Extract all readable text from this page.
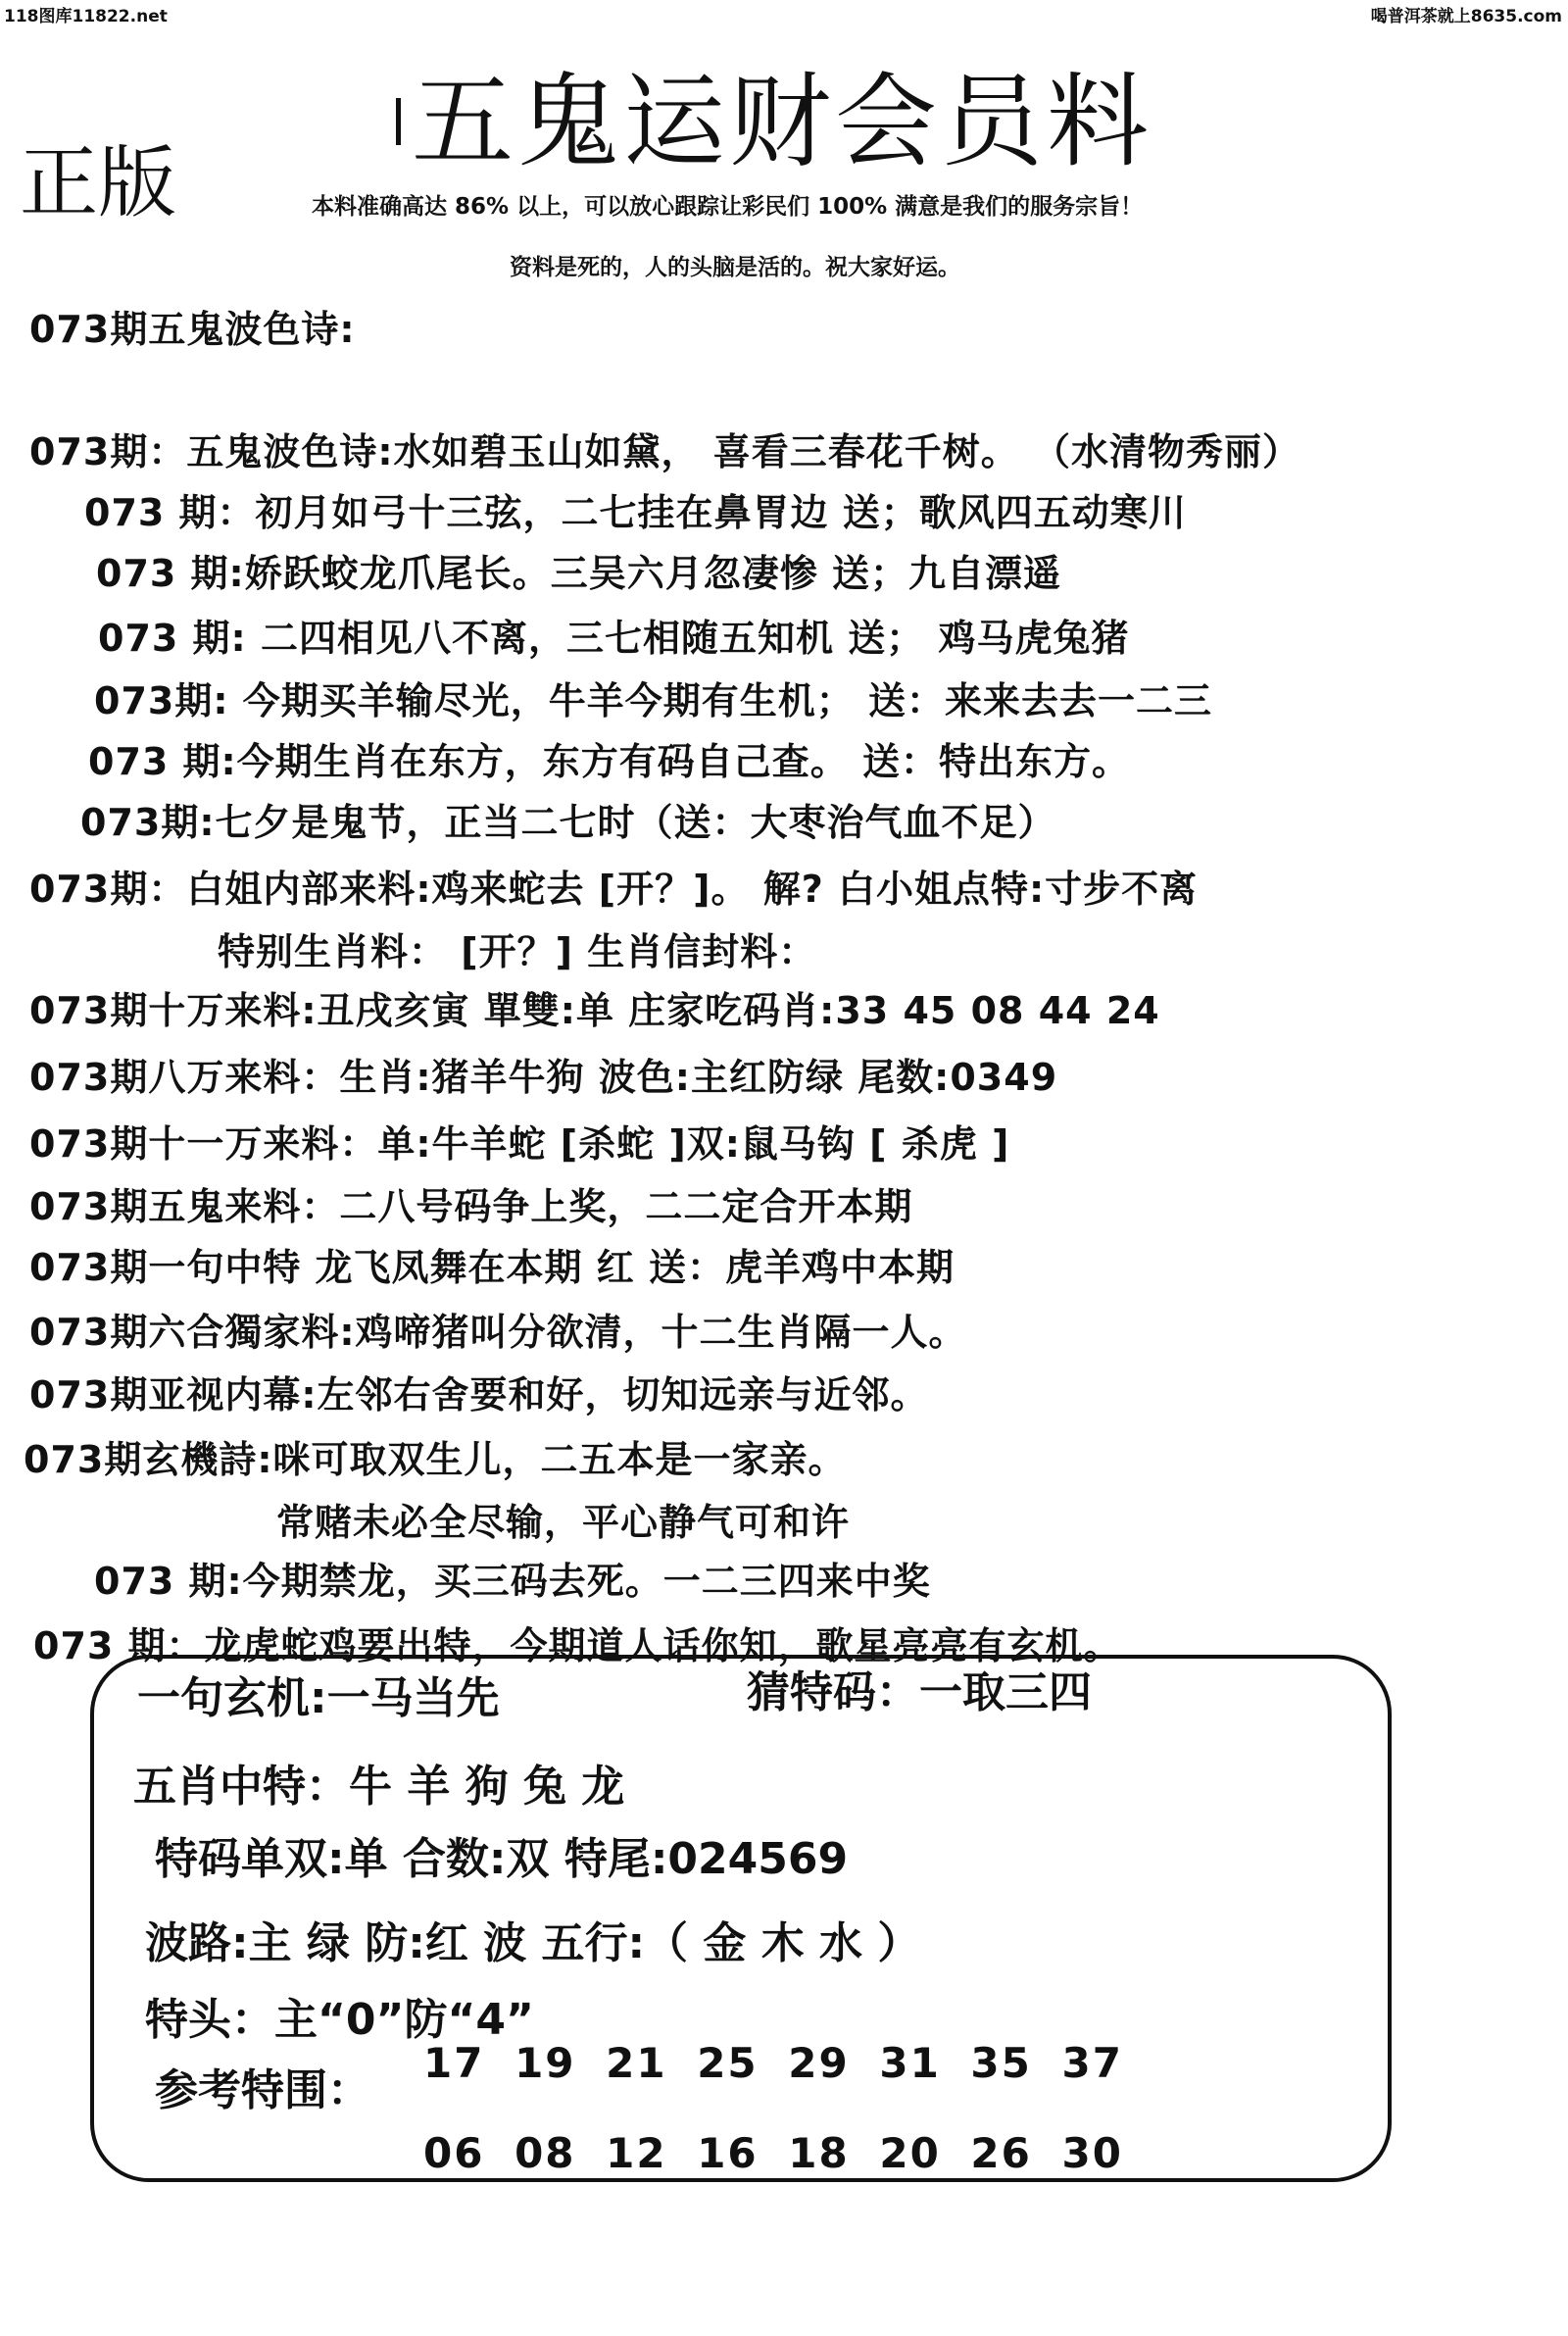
118图库11822.net	喝普洱茶就上8635.com
五鬼运财会员料
正版	本料准确高达 86% 以上，可以放心跟踪让彩民们 100% 满意是我们的服务宗旨！
资料是死的，人的头脑是活的。祝大家好运。
073期五鬼波色诗:
073期：五鬼波色诗:水如碧玉山如黛， 喜看三春花千树。 （水清物秀丽）
073 期：初月如弓十三弦，二七挂在鼻胃边 送；歌风四五动寒川
073 期:娇跃蛟龙爪尾长。三吴六月忽凄惨 送；九自漂遥
073 期: 二四相见八不离，三七相随五知机 送； 鸡马虎兔猪
073期: 今期买羊输尽光，牛羊今期有生机； 送：来来去去一二三
073 期:今期生肖在东方，东方有码自己查。 送：特出东方。
073期:七夕是鬼节，正当二七时（送：大枣治气血不足）
073期：白姐内部来料:鸡来蛇去 [开？]。 解? 白小姐点特:寸步不离
特别生肖料： [开？] 生肖信封料：
073期十万来料:丑戌亥寅 單雙:单 庄家吃码肖:33 45 08 44 24
073期八万来料：生肖:猪羊牛狗 波色:主红防绿 尾数:0349
073期十一万来料：单:牛羊蛇 [杀蛇 ]双:鼠马钩 [ 杀虎 ]
073期五鬼来料：二八号码争上奖，二二定合开本期
073期一句中特 龙飞凤舞在本期 红 送：虎羊鸡中本期
073期六合獨家料:鸡啼猪叫分欲清，十二生肖隔一人。
073期亚视内幕:左邻右舍要和好，切知远亲与近邻。
073期玄機詩:咪可取双生儿，二五本是一家亲。
常赌未必全尽输，平心静气可和许
073 期:今期禁龙，买三码去死。一二三四来中奖
073 期：龙虎蛇鸡要出特，今期道人话你知，歌星亮亮有玄机。
一句玄机:一马当先	猜特码：一取三四
五肖中特：牛 羊 狗 兔 龙
特码单双:单 合数:双 特尾:024569
波路:主 绿 防:红 波 五行:（ 金 木 水 ）
特头：主“0”防“4”
参考特围：
17 19 21 25 29 31 35 37
06 08 12 16 18 20 26 30
